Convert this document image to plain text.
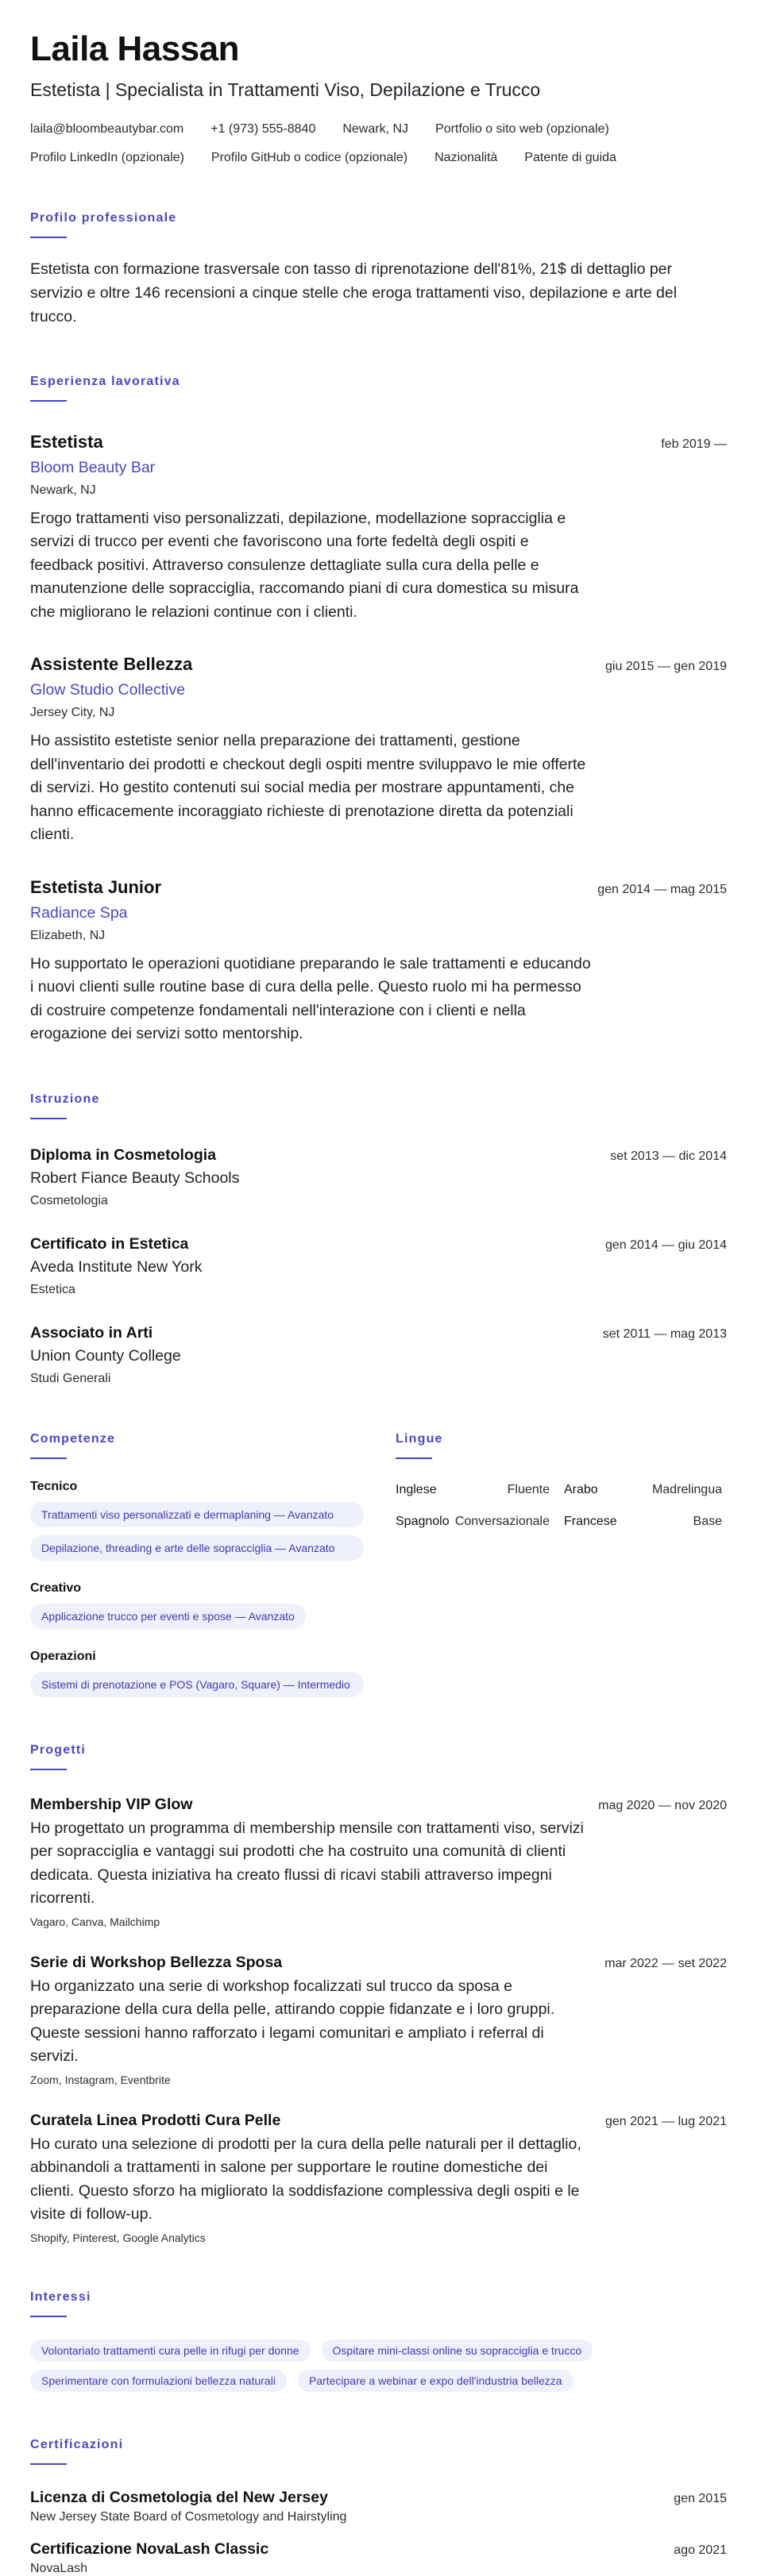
Laila Hassan
Estetista | Specialista in Trattamenti Viso, Depilazione e Trucco
laila@bloombeautybar.com +1 (973) 555-8840 Newark, NJ Portfolio o sito web (opzionale)
Profilo LinkedIn (opzionale) Profilo GitHub o codice (opzionale) Nazionalità Patente di guida
Profilo professionale

Estetista con formazione trasversale con tasso di riprenotazione dell'81%, 21$ di dettaglio per servizio e oltre 146 recensioni a cinque stelle che eroga trattamenti viso, depilazione e arte del trucco.

Esperienza lavorativa
Estetista	feb 2019 —
Bloom Beauty Bar
Newark, NJ

Erogo trattamenti viso personalizzati, depilazione, modellazione sopracciglia e servizi di trucco per eventi che favoriscono una forte fedeltà degli ospiti e feedback positivi. Attraverso consulenze dettagliate sulla cura della pelle e manutenzione delle sopracciglia, raccomando piani di cura domestica su misura che migliorano le relazioni continue con i clienti.

Assistente Bellezza	giu 2015 — gen 2019
Glow Studio Collective
Jersey City, NJ

Ho assistito estetiste senior nella preparazione dei trattamenti, gestione dell'inventario dei prodotti e checkout degli ospiti mentre sviluppavo le mie offerte di servizi. Ho gestito contenuti sui social media per mostrare appuntamenti, che hanno efficacemente incoraggiato richieste di prenotazione diretta da potenziali clienti.

Estetista Junior	gen 2014 — mag 2015
Radiance Spa
Elizabeth, NJ

Ho supportato le operazioni quotidiane preparando le sale trattamenti e educando i nuovi clienti sulle routine base di cura della pelle. Questo ruolo mi ha permesso di costruire competenze fondamentali nell'interazione con i clienti e nella erogazione dei servizi sotto mentorship.

Istruzione
Diploma in Cosmetologia	set 2013 — dic 2014
Robert Fiance Beauty Schools
Cosmetologia
Certificato in Estetica	gen 2014 — giu 2014
Aveda Institute New York
Estetica
Associato in Arti	set 2011 — mag 2013
Union County College
Studi Generali
Competenze
Tecnico
Trattamenti viso personalizzati e dermaplaning — Avanzato
Depilazione, threading e arte delle sopracciglia — Avanzato
Creativo
Applicazione trucco per eventi e spose — Avanzato
Operazioni
Sistemi di prenotazione e POS (Vagaro, Square) — Intermedio
Lingue
Inglese	Fluente Arabo	Madrelingua
Spagnolo Conversazionale Francese	Base
Progetti
Membership VIP Glow	mag 2020 — nov 2020

Ho progettato un programma di membership mensile con trattamenti viso, servizi per sopracciglia e vantaggi sui prodotti che ha costruito una comunità di clienti dedicata. Questa iniziativa ha creato flussi di ricavi stabili attraverso impegni ricorrenti.

Vagaro, Canva, Mailchimp
Serie di Workshop Bellezza Sposa	mar 2022 — set 2022

Ho organizzato una serie di workshop focalizzati sul trucco da sposa e preparazione della cura della pelle, attirando coppie fidanzate e i loro gruppi. Queste sessioni hanno rafforzato i legami comunitari e ampliato i referral di servizi.

Zoom, Instagram, Eventbrite
Curatela Linea Prodotti Cura Pelle	gen 2021 — lug 2021

Ho curato una selezione di prodotti per la cura della pelle naturali per il dettaglio, abbinandoli a trattamenti in salone per supportare le routine domestiche dei clienti. Questo sforzo ha migliorato la soddisfazione complessiva degli ospiti e le visite di follow-up.

Shopify, Pinterest, Google Analytics
Interessi
Volontariato trattamenti cura pelle in rifugi per donne	Ospitare mini-classi online su sopracciglia e trucco
Sperimentare con formulazioni bellezza naturali	Partecipare a webinar e expo dell'industria bellezza
Certificazioni
Licenza di Cosmetologia del New Jersey	gen 2015
New Jersey State Board of Cosmetology and Hairstyling
Certificazione NovaLash Classic	ago 2021
NovaLash
